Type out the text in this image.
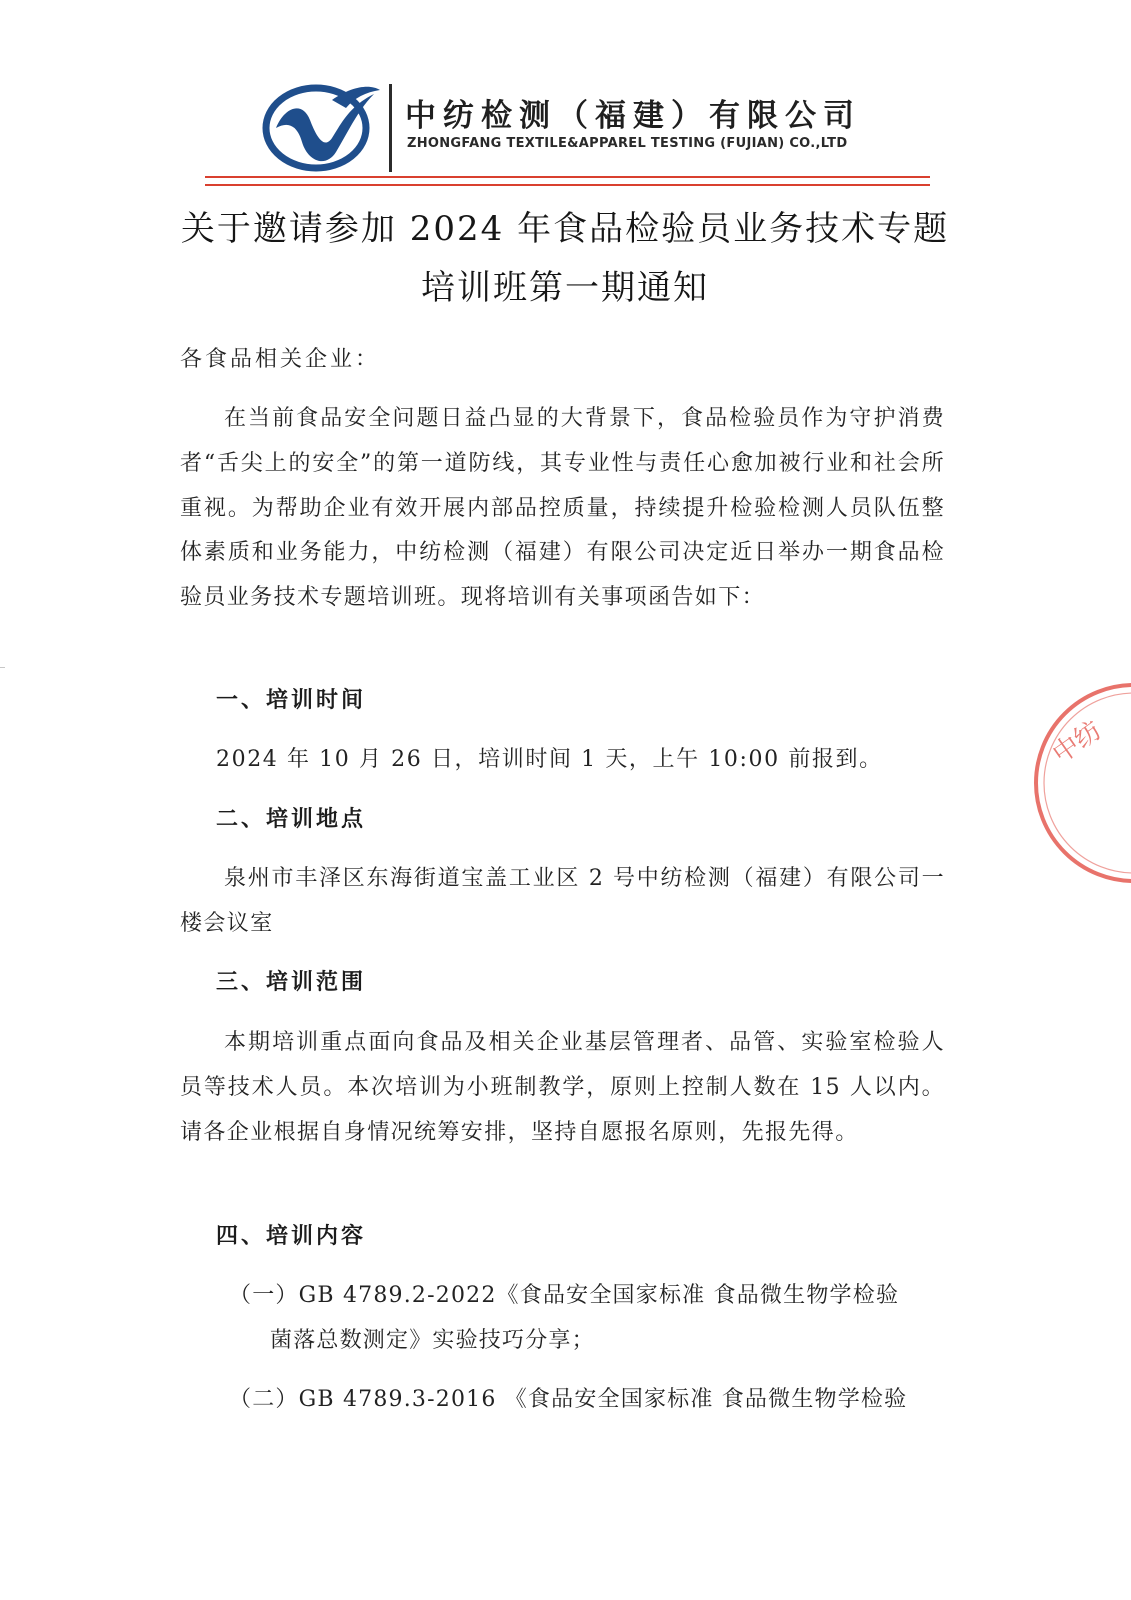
中纺检测（福建）有限公司
ZHONGFANG TEXTILE&APPAREL TESTING (FUJIAN) CO.,LTD
关于邀请参加 2024 年食品检验员业务技术专题
培训班第一期通知
各食品相关企业：
在当前食品安全问题日益凸显的大背景下，食品检验员作为守护消费者“舌尖上的安全”的第一道防线，其专业性与责任心愈加被行业和社会所重视。为帮助企业有效开展内部品控质量，持续提升检验检测人员队伍整体素质和业务能力，中纺检测（福建）有限公司决定近日举办一期食品检验员业务技术专题培训班。现将培训有关事项函告如下：
一、培训时间
2024 年 10 月 26 日，培训时间 1 天，上午 10:00 前报到。
二、培训地点
泉州市丰泽区东海街道宝盖工业区 2 号中纺检测（福建）有限公司一楼会议室
三、培训范围
本期培训重点面向食品及相关企业基层管理者、品管、实验室检验人员等技术人员。本次培训为小班制教学，原则上控制人数在 15 人以内。请各企业根据自身情况统筹安排，坚持自愿报名原则，先报先得。
四、培训内容
（一）GB 4789.2-2022《食品安全国家标准 食品微生物学检验
菌落总数测定》实验技巧分享；
（二）GB 4789.3-2016 《食品安全国家标准 食品微生物学检验
中纺
